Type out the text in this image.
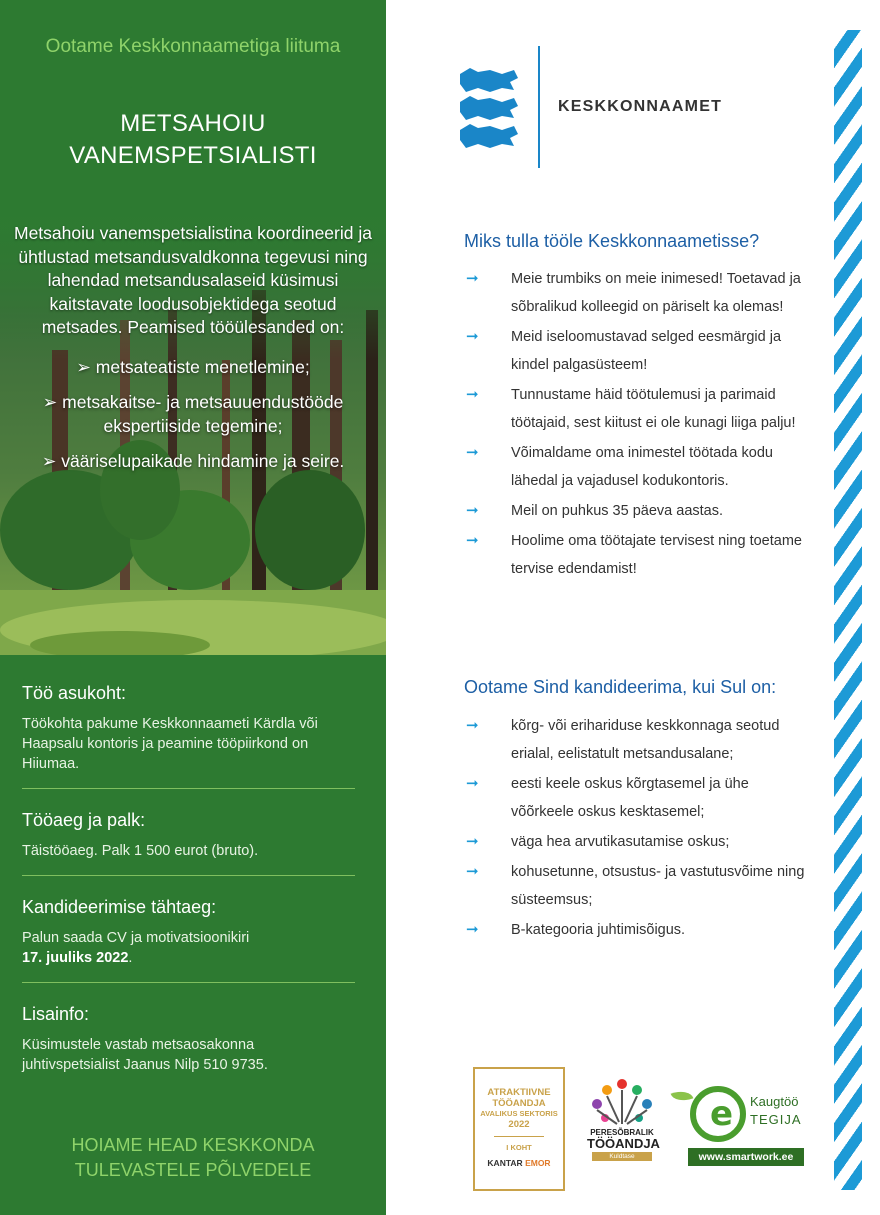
Ootame Keskkonnaametiga liituma
METSAHOIU
VANEMSPETSIALISTI

Metsahoiu vanemspetsialistina koordineerid ja ühtlustad metsandusvaldkonna tegevusi ning lahendad metsandusalaseid küsimusi kaitstavate loodusobjektidega seotud metsades. Peamised tööülesanded on:

➢ metsateatiste menetlemine;
➢ metsakaitse- ja metsauuendustööde ekspertiiside tegemine;
➢ vääriselupaikade hindamine ja seire.
Töö asukoht:
Töökohta pakume Keskkonnaameti Kärdla või Haapsalu kontoris ja peamine tööpiirkond on Hiiumaa.
Tööaeg ja palk:
Täistööaeg. Palk 1 500 eurot (bruto).
Kandideerimise tähtaeg:
Palun saada CV ja motivatsioonikiri
17. juuliks 2022.
Lisainfo:
Küsimustele vastab metsaosakonna juhtivspetsialist Jaanus Nilp 510 9735.
HOIAME HEAD KESKKONDA
TULEVASTELE PÕLVEDELE
KESKKONNAAMET
Miks tulla tööle Keskkonnaametisse?
➞ Meie trumbiks on meie inimesed! Toetavad ja sõbralikud kolleegid on päriselt ka olemas!
➞ Meid iseloomustavad selged eesmärgid ja kindel palgasüsteem!
➞ Tunnustame häid töötulemusi ja parimaid töötajaid, sest kiitust ei ole kunagi liiga palju!
➞ Võimaldame oma inimestel töötada kodu lähedal ja vajadusel kodukontoris.
➞ Meil on puhkus 35 päeva aastas.
➞ Hoolime oma töötajate tervisest ning toetame tervise edendamist!
Ootame Sind kandideerima, kui Sul on:
➞ kõrg- või erihariduse keskkonnaga seotud erialal, eelistatult metsandusalane;
➞ eesti keele oskus kõrgtasemel ja ühe võõrkeele oskus kesktasemel;
➞ väga hea arvutikasutamise oskus;
➞ kohusetunne, otsustus- ja vastutusvõime ning süsteemsus;
➞ B-kategooria juhtimisõigus.
ATRAKTIIVNE
TÖÖANDJA
AVALIKUS SEKTORIS
2022
I KOHT
KANTAR EMOR
PERESÕBRALIK
TÖÖANDJA
Kuldtase
e Kaugtöö
TEGIJA
www.smartwork.ee
